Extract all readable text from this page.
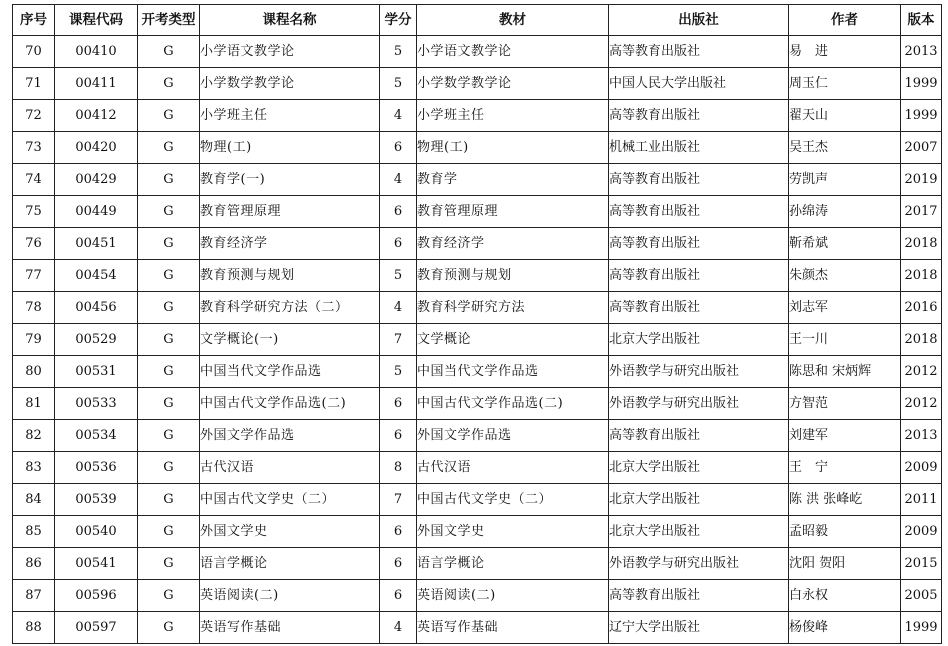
序号	课程代码	开考类型	课程名称	学分	教材	出版社	作者	版本
70	00410	G	小学语文教学论	5	小学语文教学论	高等教育出版社	易　进	2013
71	00411	G	小学数学教学论	5	小学数学教学论	中国人民大学出版社	周玉仁	1999
72	00412	G	小学班主任	4	小学班主任	高等教育出版社	翟天山	1999
73	00420	G	物理(工)	6	物理(工)	机械工业出版社	吴王杰	2007
74	00429	G	教育学(一)	4	教育学	高等教育出版社	劳凯声	2019
75	00449	G	教育管理原理	6	教育管理原理	高等教育出版社	孙绵涛	2017
76	00451	G	教育经济学	6	教育经济学	高等教育出版社	靳希斌	2018
77	00454	G	教育预测与规划	5	教育预测与规划	高等教育出版社	朱颜杰	2018
78	00456	G	教育科学研究方法（二）	4	教育科学研究方法	高等教育出版社	刘志军	2016
79	00529	G	文学概论(一)	7	文学概论	北京大学出版社	王一川	2018
80	00531	G	中国当代文学作品选	5	中国当代文学作品选	外语教学与研究出版社	陈思和 宋炳辉	2012
81	00533	G	中国古代文学作品选(二)	6	中国古代文学作品选(二)	外语教学与研究出版社	方智范	2012
82	00534	G	外国文学作品选	6	外国文学作品选	高等教育出版社	刘建军	2013
83	00536	G	古代汉语	8	古代汉语	北京大学出版社	王　宁	2009
84	00539	G	中国古代文学史（二）	7	中国古代文学史（二）	北京大学出版社	陈 洪 张峰屹	2011
85	00540	G	外国文学史	6	外国文学史	北京大学出版社	孟昭毅	2009
86	00541	G	语言学概论	6	语言学概论	外语教学与研究出版社	沈阳 贺阳	2015
87	00596	G	英语阅读(二)	6	英语阅读(二)	高等教育出版社	白永权	2005
88	00597	G	英语写作基础	4	英语写作基础	辽宁大学出版社	杨俊峰	1999
